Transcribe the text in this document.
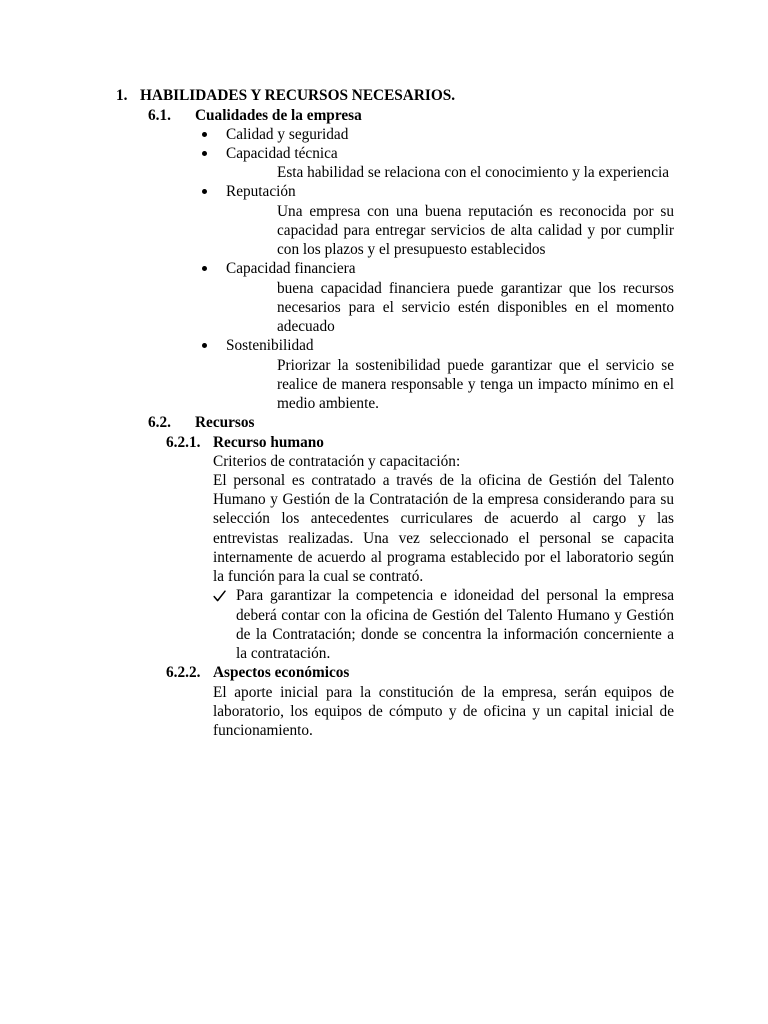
1. HABILIDADES Y RECURSOS NECESARIOS.
6.1. Cualidades de la empresa
Calidad y seguridad
Capacidad técnica
Esta habilidad se relaciona con el conocimiento y la experiencia
Reputación
Una empresa con una buena reputación es reconocida por su
capacidad para entregar servicios de alta calidad y por cumplir
con los plazos y el presupuesto establecidos
Capacidad financiera
buena capacidad financiera puede garantizar que los recursos
necesarios para el servicio estén disponibles en el momento
adecuado
Sostenibilidad
Priorizar la sostenibilidad puede garantizar que el servicio se
realice de manera responsable y tenga un impacto mínimo en el
medio ambiente.
6.2. Recursos
6.2.1. Recurso humano
Criterios de contratación y capacitación:
El personal es contratado a través de la oficina de Gestión del Talento
Humano y Gestión de la Contratación de la empresa considerando para su
selección los antecedentes curriculares de acuerdo al cargo y las
entrevistas realizadas. Una vez seleccionado el personal se capacita
internamente de acuerdo al programa establecido por el laboratorio según
la función para la cual se contrató.
Para garantizar la competencia e idoneidad del personal la empresa
deberá contar con la oficina de Gestión del Talento Humano y Gestión
de la Contratación; donde se concentra la información concerniente a
la contratación.
6.2.2. Aspectos económicos
El aporte inicial para la constitución de la empresa, serán equipos de
laboratorio, los equipos de cómputo y de oficina y un capital inicial de
funcionamiento.
